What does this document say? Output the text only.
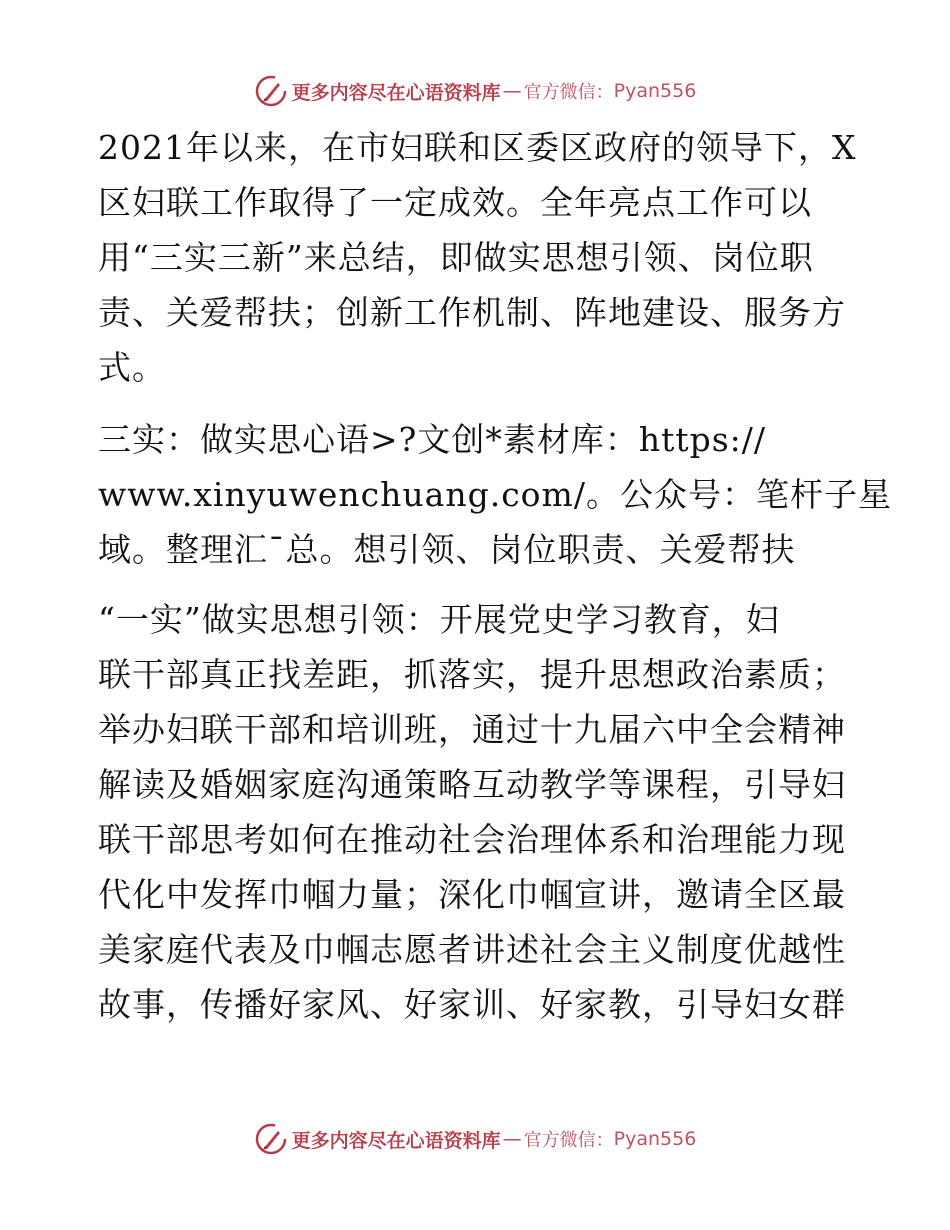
更多内容尽在心语资料库 — 官方微信： Pyan556
2021年以来，在市妇联和区委区政府的领导下，X
区妇联工作取得了一定成效。全年亮点工作可以
用“三实三新”来总结，即做实思想引领、岗位职
责、关爱帮扶；创新工作机制、阵地建设、服务方
式。
三实：做实思心语>?文创*素材库：https://
www.xinyuwenchuang.com/。公众号：笔杆子星
域。整理汇¯总。想引领、岗位职责、关爱帮扶
“一实”做实思想引领：开展党史学习教育，妇
联干部真正找差距，抓落实，提升思想政治素质；
举办妇联干部和培训班，通过十九届六中全会精神
解读及婚姻家庭沟通策略互动教学等课程，引导妇
联干部思考如何在推动社会治理体系和治理能力现
代化中发挥巾帼力量；深化巾帼宣讲，邀请全区最
美家庭代表及巾帼志愿者讲述社会主义制度优越性
故事，传播好家风、好家训、好家教，引导妇女群
更多内容尽在心语资料库 — 官方微信： Pyan556
